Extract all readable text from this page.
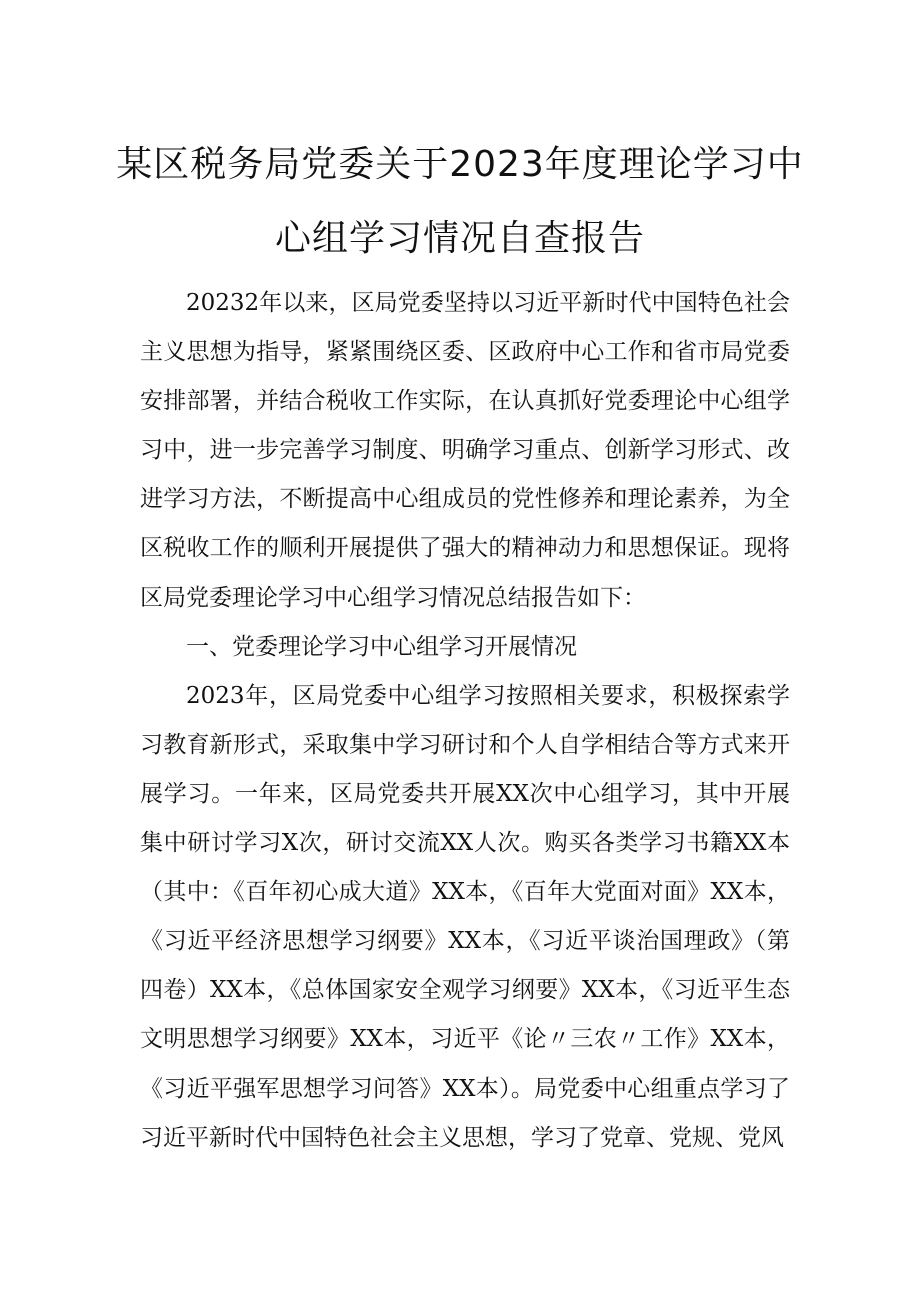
某区税务局党委关于2023年度理论学习中
心组学习情况自查报告

20232年以来，区局党委坚持以习近平新时代中国特色社会主义思想为指导，紧紧围绕区委、区政府中心工作和省市局党委安排部署，并结合税收工作实际，在认真抓好党委理论中心组学习中，进一步完善学习制度、明确学习重点、创新学习形式、改进学习方法，不断提高中心组成员的党性修养和理论素养，为全区税收工作的顺利开展提供了强大的精神动力和思想保证。现将区局党委理论学习中心组学习情况总结报告如下：

一、党委理论学习中心组学习开展情况

2023年，区局党委中心组学习按照相关要求，积极探索学习教育新形式，采取集中学习研讨和个人自学相结合等方式来开展学习。一年来，区局党委共开展XX次中心组学习，其中开展集中研讨学习X次，研讨交流XX人次。购买各类学习书籍XX本（其中：《百年初心成大道》XX本，《百年大党面对面》XX本，《习近平经济思想学习纲要》XX本，《习近平谈治国理政》（第四卷）XX本，《总体国家安全观学习纲要》XX本，《习近平生态文明思想学习纲要》XX本，习近平《论〃三农〃工作》XX本，《习近平强军思想学习问答》XX本）。局党委中心组重点学习了习近平新时代中国特色社会主义思想，学习了党章、党规、党风
